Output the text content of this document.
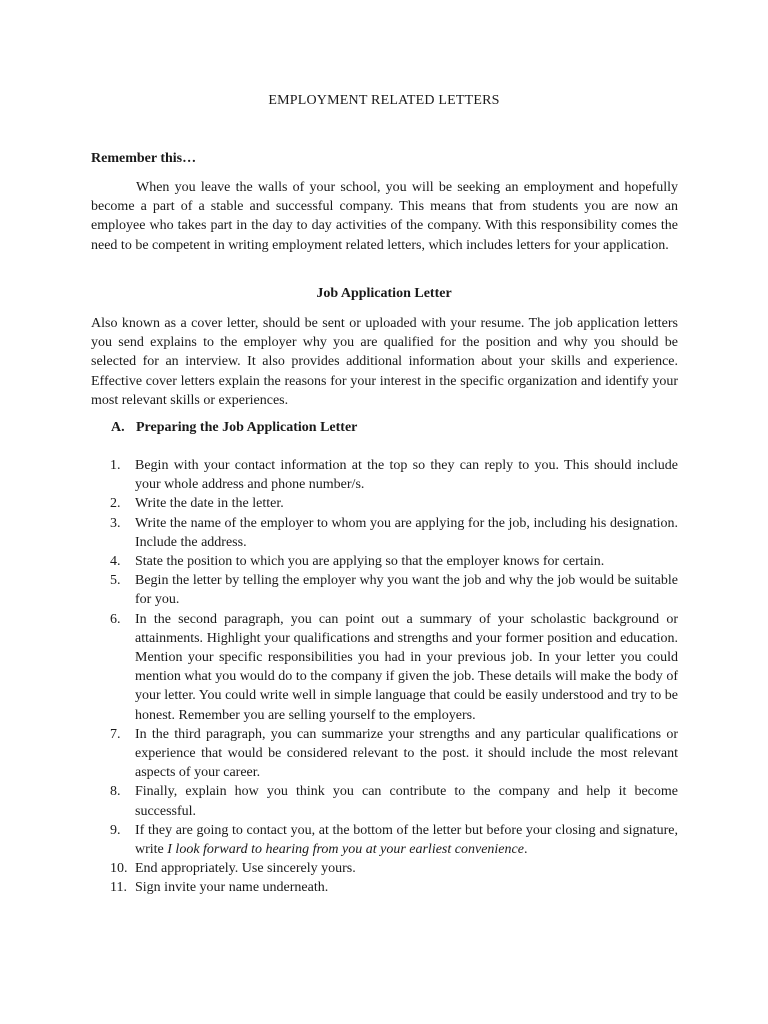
EMPLOYMENT RELATED LETTERS
Remember this…

When you leave the walls of your school, you will be seeking an employment and hopefully become a part of a stable and successful company. This means that from students you are now an employee who takes part in the day to day activities of the company. With this responsibility comes the need to be competent in writing employment related letters, which includes letters for your application.

Job Application Letter

Also known as a cover letter, should be sent or uploaded with your resume. The job application letters you send explains to the employer why you are qualified for the position and why you should be selected for an interview. It also provides additional information about your skills and experience. Effective cover letters explain the reasons for your interest in the specific organization and identify your most relevant skills or experiences.

A. Preparing the Job Application Letter
1. Begin with your contact information at the top so they can reply to you. This should include your whole address and phone number/s.
2. Write the date in the letter.
3. Write the name of the employer to whom you are applying for the job, including his designation. Include the address.
4. State the position to which you are applying so that the employer knows for certain.
5. Begin the letter by telling the employer why you want the job and why the job would be suitable for you.
6. In the second paragraph, you can point out a summary of your scholastic background or attainments. Highlight your qualifications and strengths and your former position and education. Mention your specific responsibilities you had in your previous job. In your letter you could mention what you would do to the company if given the job. These details will make the body of your letter. You could write well in simple language that could be easily understood and try to be honest. Remember you are selling yourself to the employers.
7. In the third paragraph, you can summarize your strengths and any particular qualifications or experience that would be considered relevant to the post. it should include the most relevant aspects of your career.
8. Finally, explain how you think you can contribute to the company and help it become successful.
9. If they are going to contact you, at the bottom of the letter but before your closing and signature, write I look forward to hearing from you at your earliest convenience.
10. End appropriately. Use sincerely yours.
11. Sign invite your name underneath.
